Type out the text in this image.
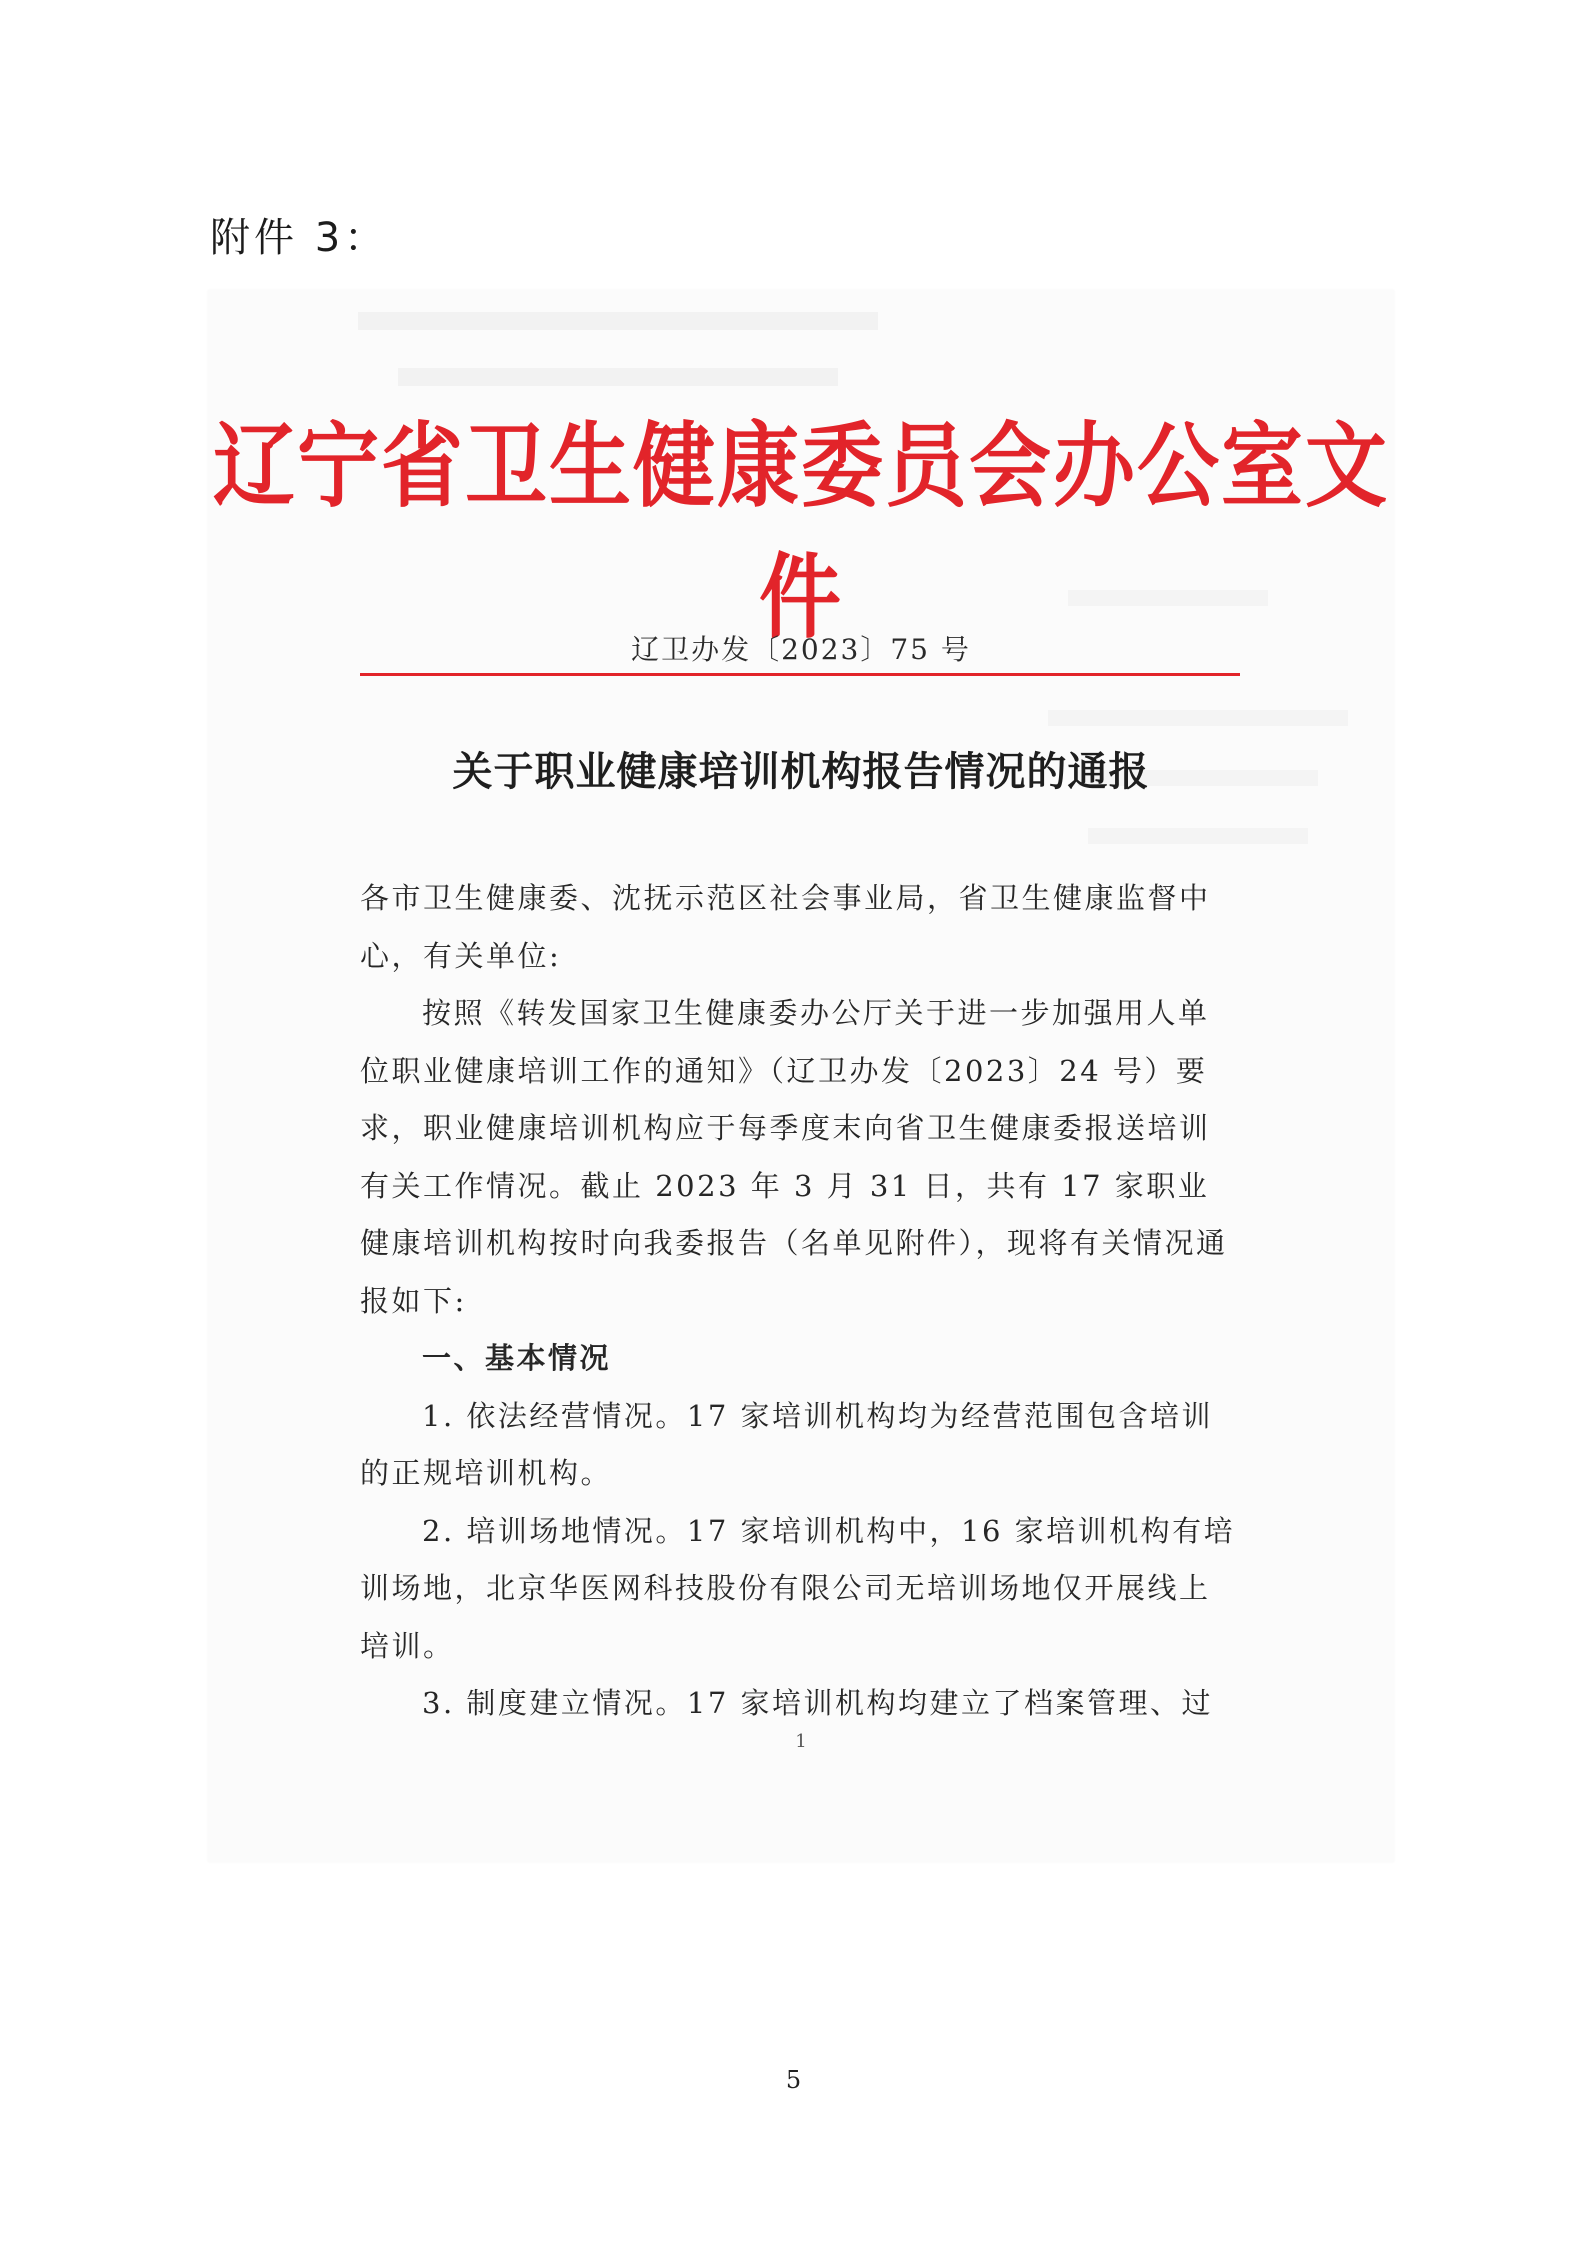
附件 3：
辽宁省卫生健康委员会办公室文件
辽卫办发〔2023〕75 号
关于职业健康培训机构报告情况的通报

各市卫生健康委、沈抚示范区社会事业局，省卫生健康监督中心，有关单位:

按照《转发国家卫生健康委办公厅关于进一步加强用人单位职业健康培训工作的通知》（辽卫办发〔2023〕24 号）要求，职业健康培训机构应于每季度末向省卫生健康委报送培训有关工作情况。截止 2023 年 3 月 31 日，共有 17 家职业健康培训机构按时向我委报告（名单见附件），现将有关情况通报如下:

一、基本情况

1. 依法经营情况。17 家培训机构均为经营范围包含培训的正规培训机构。

2. 培训场地情况。17 家培训机构中，16 家培训机构有培训场地，北京华医网科技股份有限公司无培训场地仅开展线上培训。

3. 制度建立情况。17 家培训机构均建立了档案管理、过

1
5
